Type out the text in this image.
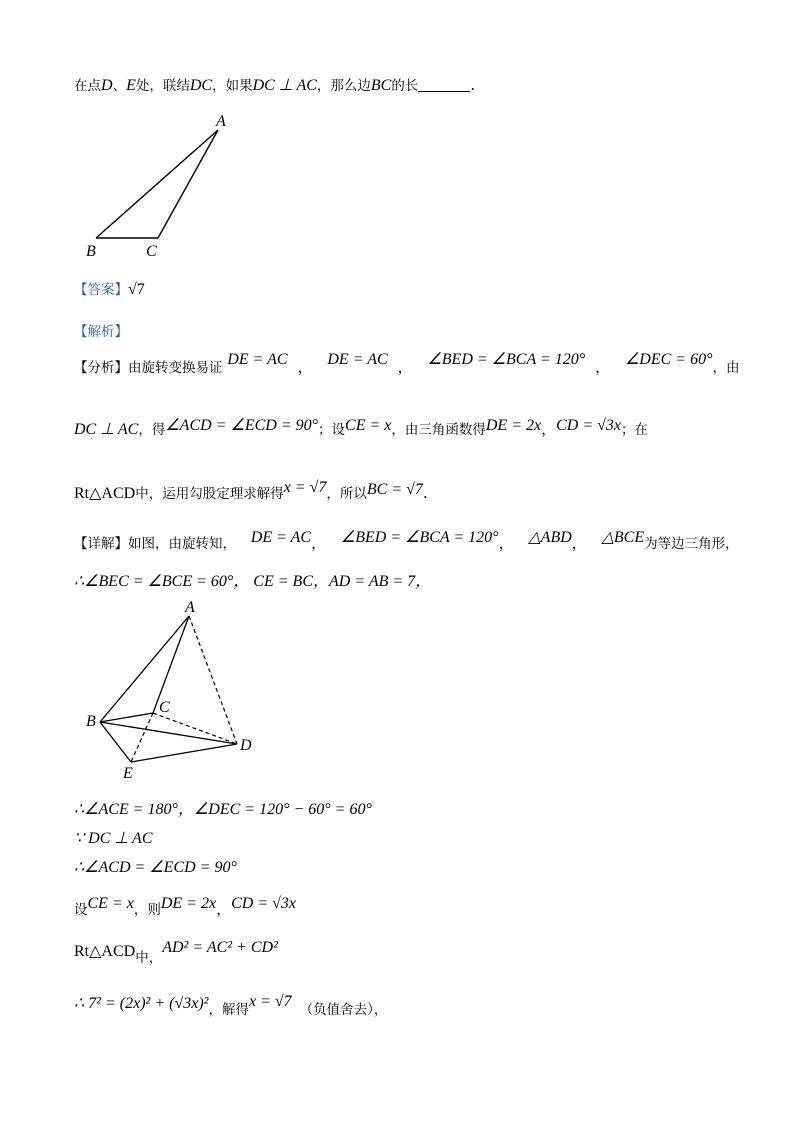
在点D、E处，联结DC，如果DC ⊥ AC，那么边BC的长	.
A
B	C
【答案】√7
【解析】
【分析】由旋转变换易证 DE = AC ， DE = AC ， ∠BED = ∠BCA = 120° ， ∠DEC = 60°，由
DC ⊥ AC，得∠ACD = ∠ECD = 90°；设CE = x，由三角函数得DE = 2x，CD = √3x；在
Rt△ACD中，运用勾股定理求解得x = √7，所以BC = √7.
【详解】如图，由旋转知， DE = AC， ∠BED = ∠BCA = 120°， △ABD， △BCE为等边三角形，
∴∠BEC = ∠BCE = 60°， CE = BC，AD = AB = 7，
A
B
C
D
E
∴∠ACE = 180°，∠DEC = 120° − 60° = 60°
∵ DC ⊥ AC
∴∠ACD = ∠ECD = 90°
设CE = x，则DE = 2x，CD = √3x
Rt△ACD中，AD² = AC² + CD²
∴ 7² = (2x)² + (√3x)²，解得x = √7 （负值舍去），
